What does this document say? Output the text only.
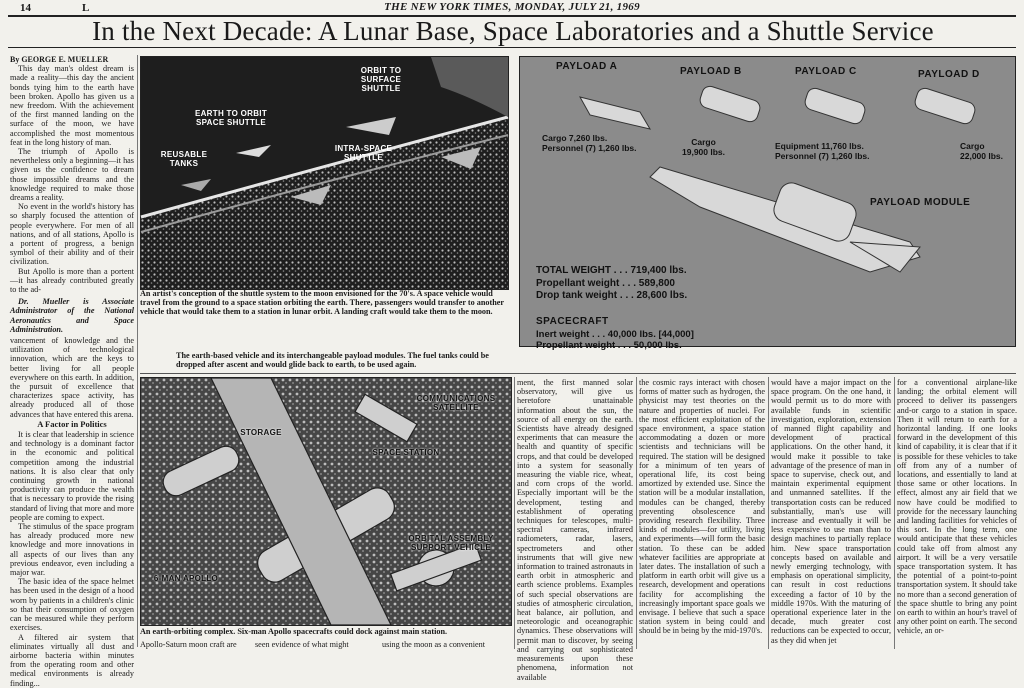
14	L	THE NEW YORK TIMES, MONDAY, JULY 21, 1969
In the Next Decade: A Lunar Base, Space Laboratories and a Shuttle Service
By GEORGE E. MUELLER

This day man's oldest dream is made a reality—this day the ancient bonds tying him to the earth have been broken. Apollo has given us a new freedom. With the achievement of the first manned landing on the surface of the moon, we have accomplished the most momentous feat in the long history of man.

The triumph of Apollo is nevertheless only a beginning—it has given us the confidence to dream those impossible dreams and the knowledge required to make those dreams a reality.

No event in the world's history has so sharply focused the attention of people everywhere. For men of all nations, and of all stations, Apollo is a portent of progress, a benign symbol of their ability and of their civilization.

But Apollo is more than a portent—it has already contributed greatly to the ad-

Dr. Mueller is Associate Administrator of the National Aeronautics and Space Administration.

vancement of knowledge and the utilization of technological innovation, which are the keys to better living for all people everywhere on this earth. In addition, the pursuit of excellence that characterizes space activity, has already produced all of those advances that have entered this arena.

A Factor in Politics

It is clear that leadership in science and technology is a dominant factor in the economic and political competition among the industrial nations. It is also clear that only continuing growth in national productivity can produce the wealth that is necessary to provide the rising standard of living that more and more people are coming to expect.

The stimulus of the space program has already produced more new knowledge and more innovations in all aspects of our lives than any previous endeavor, even including a major war.

The basic idea of the space helmet has been used in the design of a hood worn by patients in a children's clinic so that their consumption of oxygen can be measured while they perform exercises.

A filtered air system that eliminates virtually all dust and airborne bacteria within minutes from the operating room and other medical environments is already finding...

ORBIT TO SURFACE SHUTTLE
EARTH TO ORBIT SPACE SHUTTLE
REUSABLE TANKS
INTRA-SPACE SHUTTLE
An artist's conception of the shuttle system to the moon envisioned for the 70's. A space vehicle would travel from the ground to a space station orbiting the earth. There, passengers would transfer to another vehicle that would take them to a station in lunar orbit. A landing craft would take them to the moon.
PAYLOAD A	PAYLOAD B	PAYLOAD C	PAYLOAD D
Cargo 7,260 lbs.
Personnel (7) 1,260 lbs.
Cargo
19,900 lbs.
Equipment 11,760 lbs.
Personnel (7) 1,260 lbs.
Cargo
22,000 lbs.
PAYLOAD MODULE
TOTAL WEIGHT . . . 719,400 lbs.
Propellant weight . . . 589,800
Drop tank weight . . . 28,600 lbs.
SPACECRAFT
Inert weight . . . 40,000 lbs. [44,000]
Propellant weight . . . 50,000 lbs.
The earth-based vehicle and its interchangeable payload modules. The fuel tanks could be dropped after ascent and would glide back to earth, to be used again.
COMMUNICATIONS SATELLITE
STORAGE
SPACE STATION
6-MAN APOLLO
ORBITAL ASSEMBLY SUPPORT VEHICLE
An earth-orbiting complex. Six-man Apollo spacecrafts could dock against main station.
Apollo-Saturn moon craft are	seen evidence of what might	using the moon as a convenient

ment, the first manned solar observatory, will give us heretofore unattainable information about the sun, the source of all energy on the earth. Scientists have already designed experiments that can measure the health and quantity of specific crops, and that could be developed into a system for seasonally measuring the viable rice, wheat, and corn crops of the world. Especially important will be the development, testing and establishment of operating techniques for telescopes, multi-spectral cameras, infrared radiometers, radar, lasers, spectrometers and other instruments that will give new information to trained astronauts in earth orbit in atmospheric and earth science problems. Examples of such special observations are studies of atmospheric circulation, heat balance, air pollution, and meteorologic and oceanographic dynamics. These observations will permit man to discover, by seeing and carrying out sophisticated measurements upon these phenomena, information not available

the cosmic rays interact with chosen forms of matter such as hydrogen, the physicist may test theories on the nature and properties of nuclei. For the most efficient exploitation of the space environment, a space station accommodating a dozen or more scientists and technicians will be required. The station will be designed for a minimum of ten years of operational life, its cost being amortized by extended use. Since the station will be a modular installation, modules can be changed, thereby preventing obsolescence and providing research flexibility. Three kinds of modules—for utility, living and experiments—will form the basic station. To these can be added whatever facilities are appropriate at later dates. The installation of such a platform in earth orbit will give us a research, development and operations facility for accomplishing the increasingly important space goals we envisage. I believe that such a space station system in being could and should be in being by the mid-1970's.

would have a major impact on the space program. On the one hand, it would permit us to do more with available funds in scientific investigation, exploration, extension of manned flight capability and development of practical applications. On the other hand, it would make it possible to take advantage of the presence of man in space to supervise, check out, and maintain experimental equipment and unmanned satellites. If the transportation costs can be reduced substantially, man's use will increase and eventually it will be less expensive to use man than to design machines to partially replace him. New space transportation concepts based on available and newly emerging technology, with emphasis on operational simplicity, can result in cost reductions exceeding a factor of 10 by the middle 1970s. With the maturing of operational experience later in the decade, much greater cost reductions can be expected to occur, as they did when jet

for a conventional airplane-like landing; the orbital element will proceed to deliver its passengers and-or cargo to a station in space. Then it will return to earth for a horizontal landing. If one looks forward in the development of this kind of capability, it is clear that if it is possible for these vehicles to take off from any of a number of locations, and essentially to land at those same or other locations. In effect, almost any air field that we now have could be modified to provide for the necessary launching and landing facilities for vehicles of this sort. In the long term, one would anticipate that these vehicles could take off from almost any airport. It will be a very versatile space transportation system. It has the potential of a point-to-point transportation system. It should take no more than a second generation of the space shuttle to bring any point on earth to within an hour's travel of any other point on earth. The second vehicle, an or-
